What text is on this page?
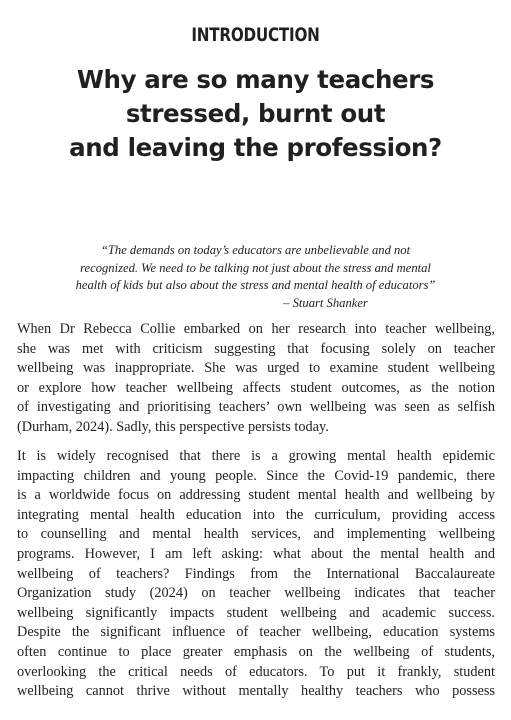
INTRODUCTION
Why are so many teachers
stressed, burnt out
and leaving the profession?
“The demands on today’s educators are unbelievable and not
recognized. We need to be talking not just about the stress and mental
health of kids but also about the stress and mental health of educators”
– Stuart Shanker
When Dr Rebecca Collie embarked on her research into teacher wellbeing,
she was met with criticism suggesting that focusing solely on teacher
wellbeing was inappropriate. She was urged to examine student wellbeing
or explore how teacher wellbeing affects student outcomes, as the notion
of investigating and prioritising teachers’ own wellbeing was seen as selfish
(Durham, 2024). Sadly, this perspective persists today.
It is widely recognised that there is a growing mental health epidemic
impacting children and young people. Since the Covid-19 pandemic, there
is a worldwide focus on addressing student mental health and wellbeing by
integrating mental health education into the curriculum, providing access
to counselling and mental health services, and implementing wellbeing
programs. However, I am left asking: what about the mental health and
wellbeing of teachers? Findings from the International Baccalaureate
Organization study (2024) on teacher wellbeing indicates that teacher
wellbeing significantly impacts student wellbeing and academic success.
Despite the significant influence of teacher wellbeing, education systems
often continue to place greater emphasis on the wellbeing of students,
overlooking the critical needs of educators. To put it frankly, student
wellbeing cannot thrive without mentally healthy teachers who possess
